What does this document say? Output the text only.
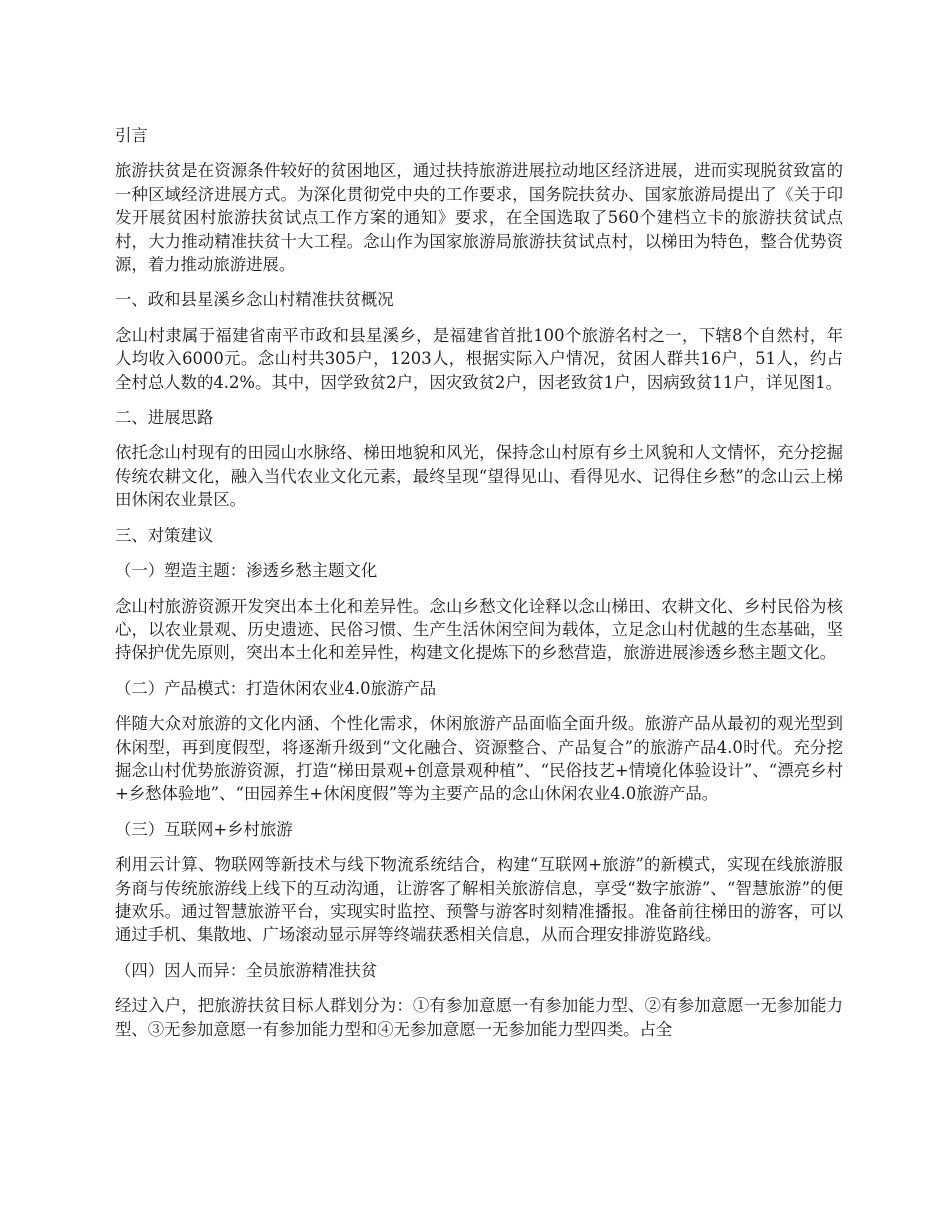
引言

旅游扶贫是在资源条件较好的贫困地区，通过扶持旅游进展拉动地区经济进展，进而实现脱贫致富的一种区域经济进展方式。为深化贯彻党中央的工作要求，国务院扶贫办、国家旅游局提出了《关于印发开展贫困村旅游扶贫试点工作方案的通知》要求，在全国选取了560个建档立卡的旅游扶贫试点村，大力推动精准扶贫十大工程。念山作为国家旅游局旅游扶贫试点村，以梯田为特色，整合优势资源，着力推动旅游进展。

一、政和县星溪乡念山村精准扶贫概况

念山村隶属于福建省南平市政和县星溪乡，是福建省首批100个旅游名村之一，下辖8个自然村，年人均收入6000元。念山村共305户，1203人，根据实际入户情况，贫困人群共16户，51人，约占全村总人数的4.2%。其中，因学致贫2户，因灾致贫2户，因老致贫1户，因病致贫11户，详见图1。

二、进展思路

依托念山村现有的田园山水脉络、梯田地貌和风光，保持念山村原有乡土风貌和人文情怀，充分挖掘传统农耕文化，融入当代农业文化元素，最终呈现“望得见山、看得见水、记得住乡愁”的念山云上梯田休闲农业景区。

三、对策建议

（一）塑造主题：渗透乡愁主题文化

念山村旅游资源开发突出本土化和差异性。念山乡愁文化诠释以念山梯田、农耕文化、乡村民俗为核心，以农业景观、历史遗迹、民俗习惯、生产生活休闲空间为载体，立足念山村优越的生态基础，坚持保护优先原则，突出本土化和差异性，构建文化提炼下的乡愁营造，旅游进展渗透乡愁主题文化。

（二）产品模式：打造休闲农业4.0旅游产品

伴随大众对旅游的文化内涵、个性化需求，休闲旅游产品面临全面升级。旅游产品从最初的观光型到休闲型，再到度假型，将逐渐升级到“文化融合、资源整合、产品复合”的旅游产品4.0时代。充分挖掘念山村优势旅游资源，打造“梯田景观+创意景观种植”、“民俗技艺+情境化体验设计”、“漂亮乡村+乡愁体验地”、“田园养生+休闲度假”等为主要产品的念山休闲农业4.0旅游产品。

（三）互联网+乡村旅游

利用云计算、物联网等新技术与线下物流系统结合，构建“互联网+旅游”的新模式，实现在线旅游服务商与传统旅游线上线下的互动沟通，让游客了解相关旅游信息，享受“数字旅游”、“智慧旅游”的便捷欢乐。通过智慧旅游平台，实现实时监控、预警与游客时刻精准播报。准备前往梯田的游客，可以通过手机、集散地、广场滚动显示屏等终端获悉相关信息，从而合理安排游览路线。

（四）因人而异：全员旅游精准扶贫

经过入户，把旅游扶贫目标人群划分为：①有参加意愿一有参加能力型、②有参加意愿一无参加能力型、③无参加意愿一有参加能力型和④无参加意愿一无参加能力型四类。占全
